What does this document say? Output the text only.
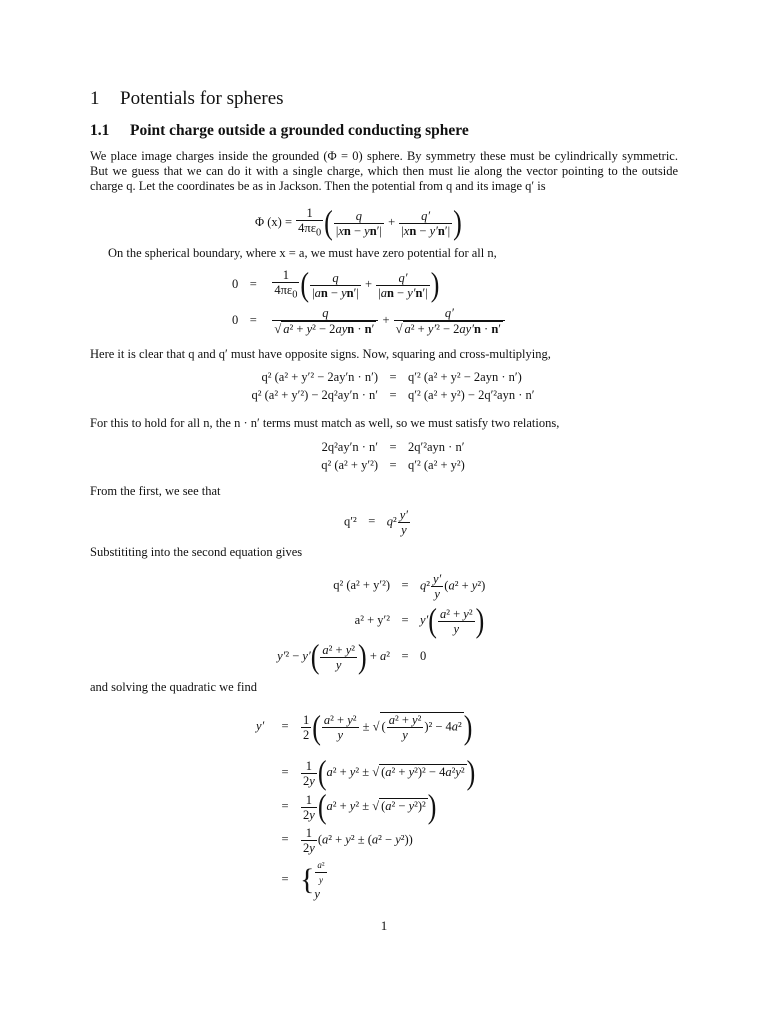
1 Potentials for spheres
1.1 Point charge outside a grounded conducting sphere
We place image charges inside the grounded (Φ = 0) sphere. By symmetry these must be cylindrically symmetric. But we guess that we can do it with a single charge, which then must lie along the vector pointing to the outside charge q. Let the coordinates be as in Jackson. Then the potential from q and its image q′ is
Φ $(x) = \frac{1}{4\pi\varepsilon_0}$ ( $\frac{q}{|xn - yn'|} + \frac{q'}{|xn - y'n'|}$ )
On the spherical boundary, where x = a, we must have zero potential for all n,
$0 = \frac{1}{4\pi\varepsilon_0}$ ( $\frac{q}{|an - yn'|} + \frac{q'}{|an - y'n'|}$ )
$0 = \frac{q}{\text{√ a² + y² − 2ayn · n′}} + \frac{q'}{\text{√ a² + y′² − 2ay′n · n′}}$
Here it is clear that q and q′ must have opposite signs. Now, squaring and cross-multiplying,
q² (a² + y′² − 2ay′n · n′) = q′² (a² + y² − 2ayn · n′)
q² (a² + y′²) − 2q²ay′n · n′ = q′² (a² + y²) − 2q′²ayn · n′
For this to hold for all n, the n · n′ terms must match as well, so we must satisfy two relations,
2q²ay′n · n′ = 2q′²ayn · n′
q² (a² + y′²) = q′² (a² + y²)
From the first, we see that
$q'^2 = q^2 \frac{y'}{y}$
Substititing into the second equation gives
q² $(a^2 + y'^2) = q^2 \frac{y'}{y} (a^2 + y^2)$
$a^2 + y'^2 = y'( \frac{\text{a² + y²}}{y}$ )
$y'^2 - y'( \frac{\text{a² + y²}}{y}$ ) + a² = 0
and solving the quadratic we find
$y' = \frac{1}{2}$ ( $\frac{\text{a² + y²}}{y}$ ± √ ( $\frac{\text{a² + y²}}{y} )^2 - 4a^2$)
= $\frac{1}{2y} (a^2 + y^2$ ± √ (a² + y²)² − 4a²y²)
= $\frac{1}{2y} (a^2 + y^2$ ± √ (a² − y²)²)
= $\frac{1}{2y} (a^2 + y^2 \pm (a^2 - y^2))$
= { $\frac{\text{a²}}{y}$

y
1
